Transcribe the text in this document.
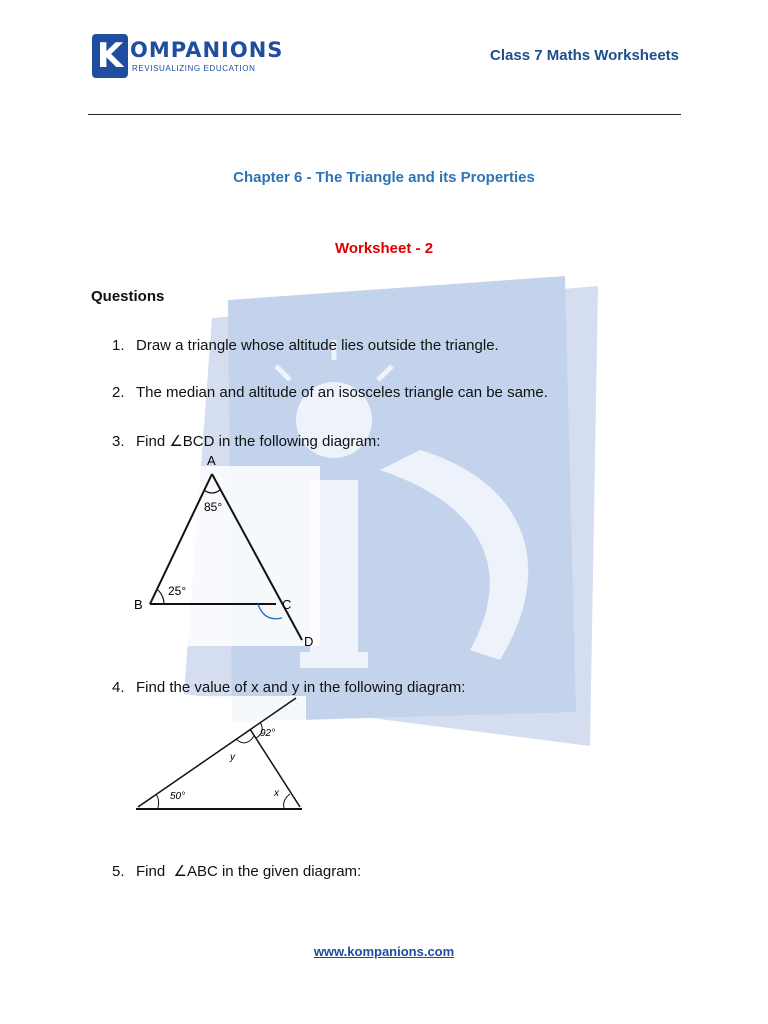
K OMPANIONS
REVISUALIZING EDUCATION
Class 7 Maths Worksheets
Chapter 6 - The Triangle and its Properties
Worksheet - 2
Questions
1. Draw a triangle whose altitude lies outside the triangle.
2. The median and altitude of an isosceles triangle can be same.
3. Find ∠BCD in the following diagram:
A
B	C
D
85°
25°
4. Find the value of x and y in the following diagram:
92°
50°
y
x
5. Find  ∠ABC in the given diagram:
www.kompanions.com
